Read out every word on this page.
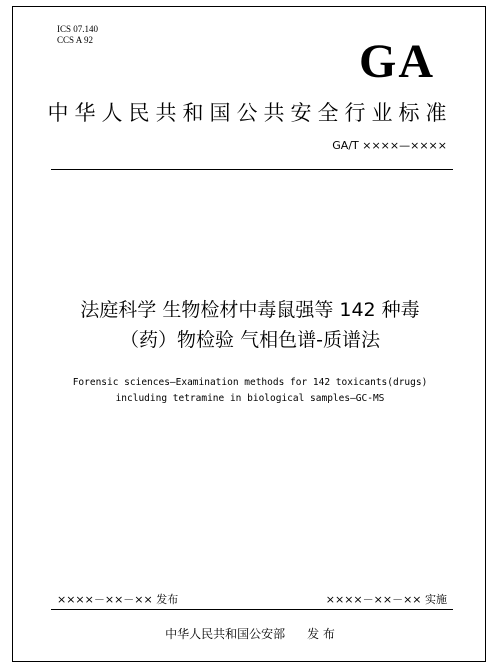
ICS 07.140
CCS A 92	GA
中华人民共和国公共安全行业标准
GA/T ××××—××××
法庭科学 生物检材中毒鼠强等 142 种毒
（药）物检验 气相色谱-质谱法
Forensic sciences—Examination methods for 142 toxicants(drugs)
including tetramine in biological samples—GC-MS
××××－××－×× 发布	××××－××－×× 实施
中华人民共和国公安部 发 布
